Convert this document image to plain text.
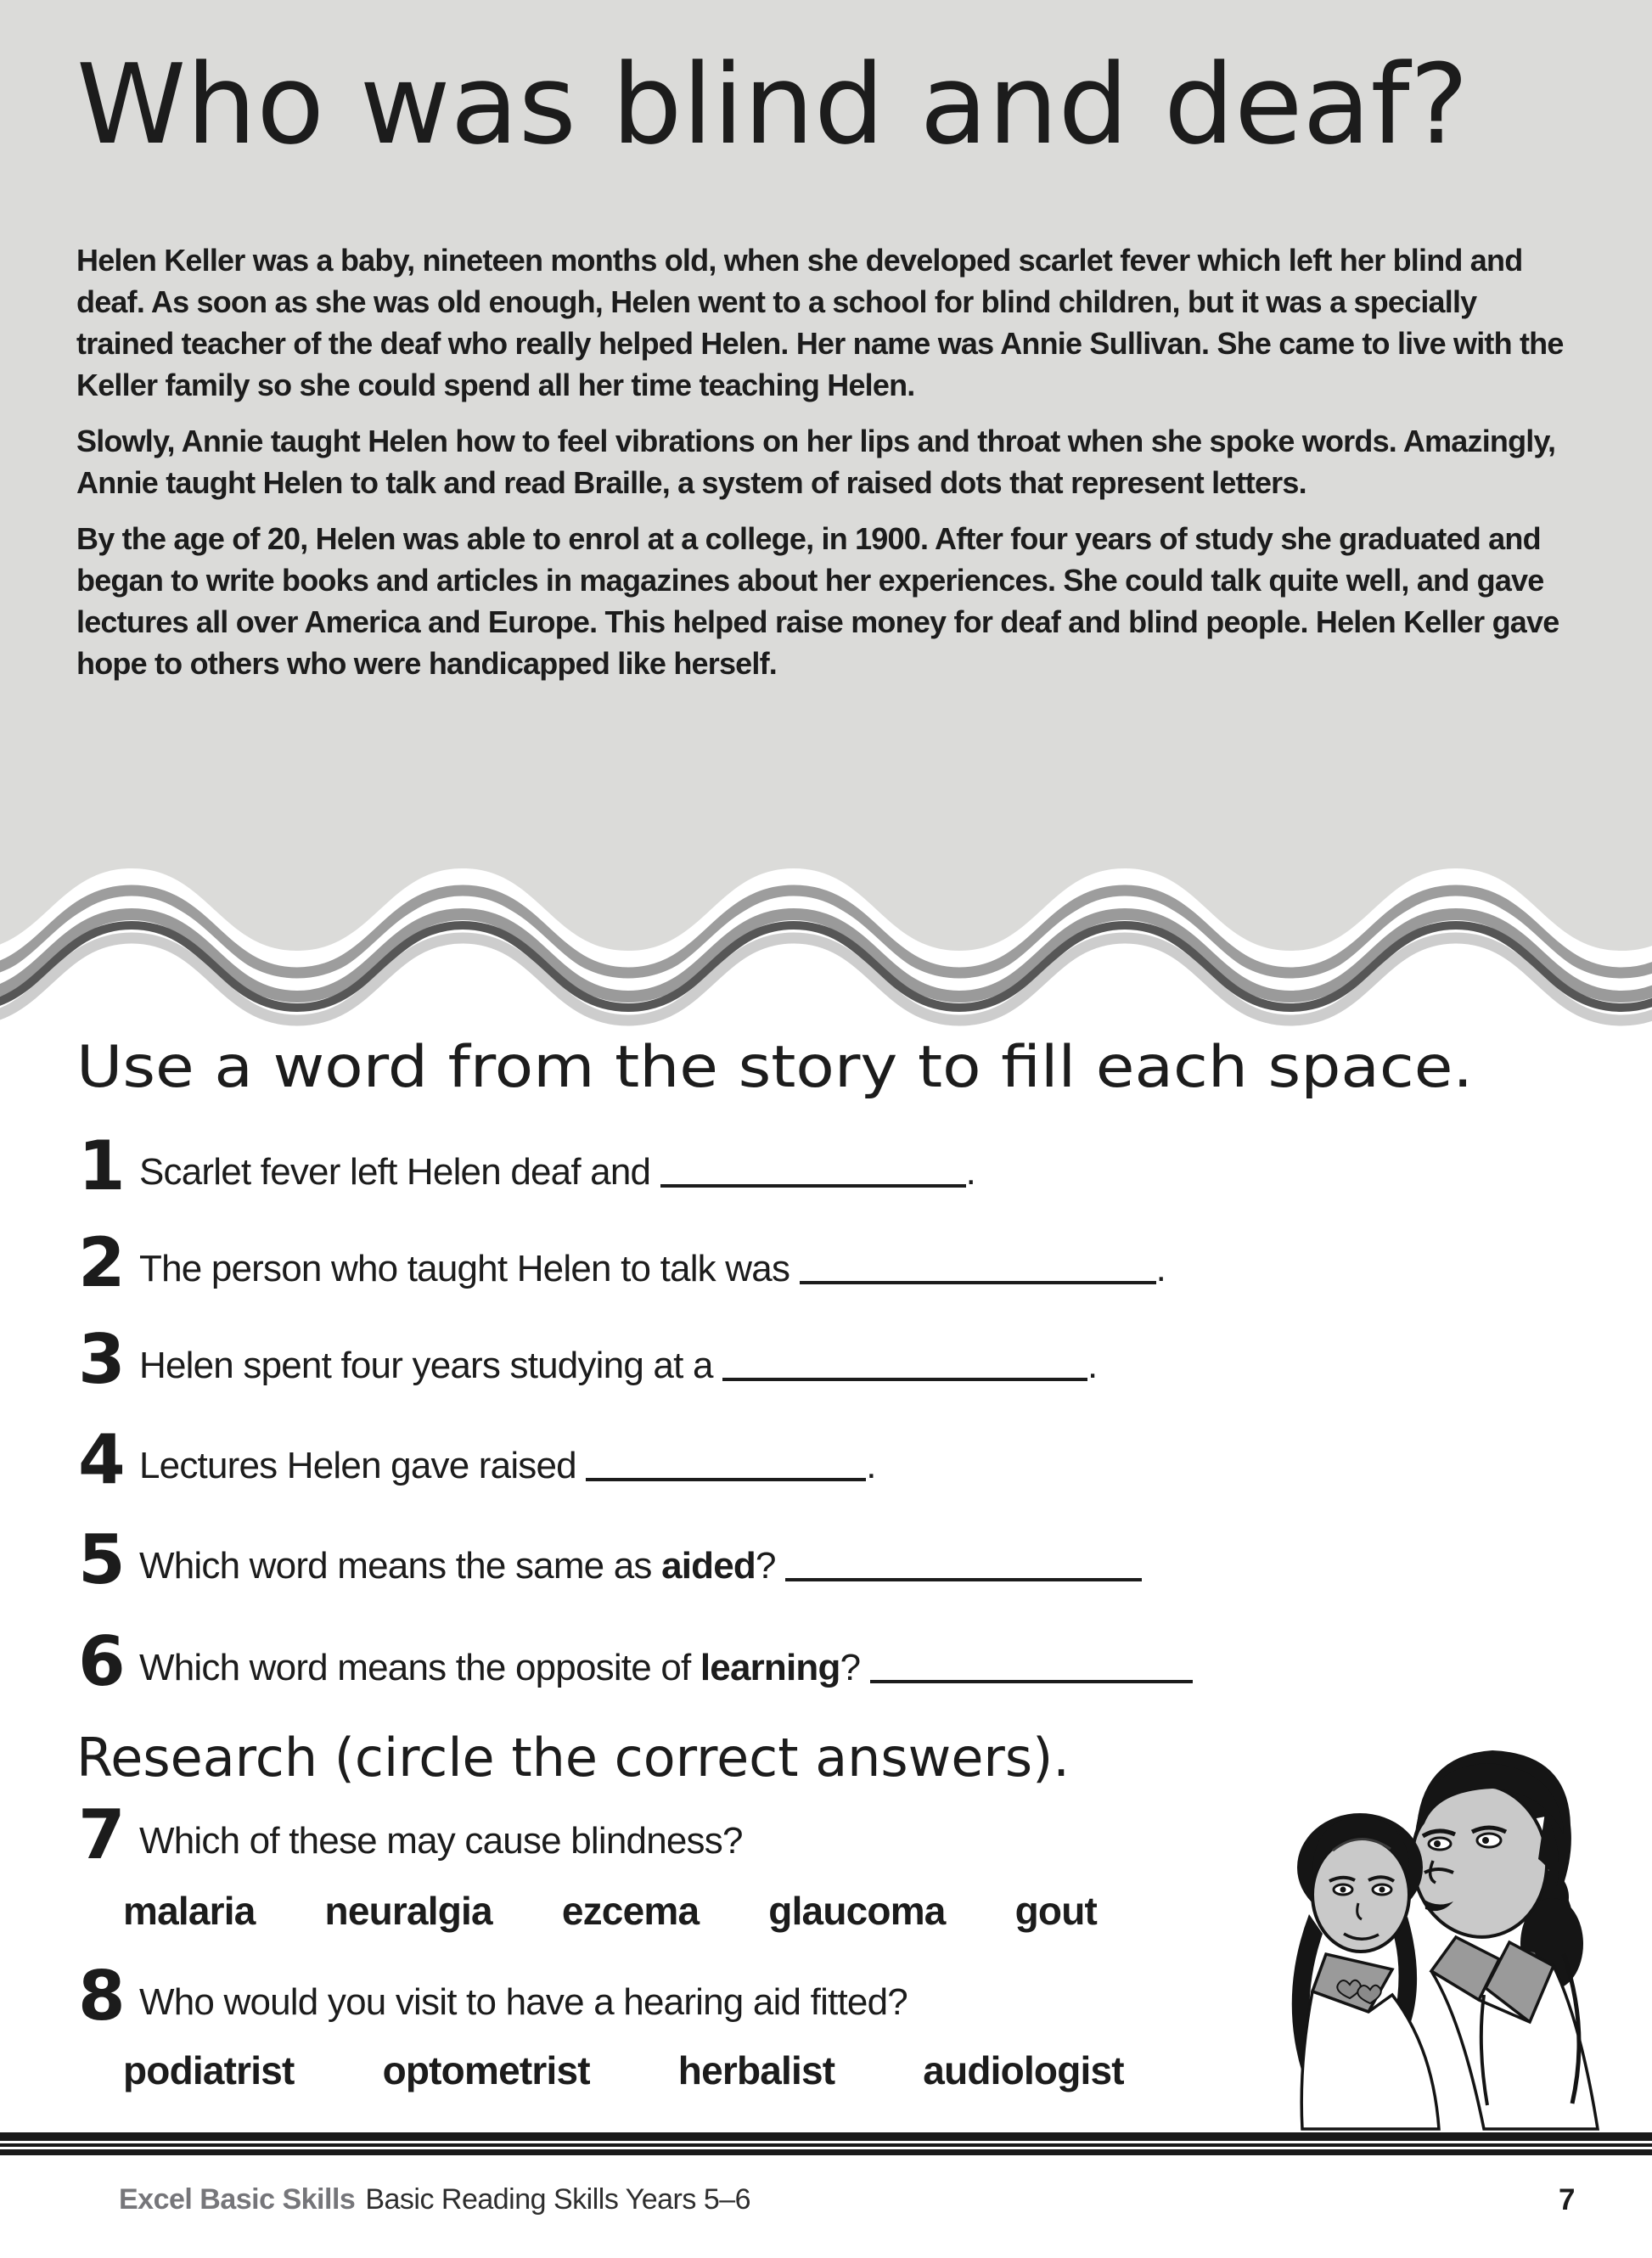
Who was blind and deaf?

Helen Keller was a baby, nineteen months old, when she developed scarlet fever which left her blind and deaf. As soon as she was old enough, Helen went to a school for blind children, but it was a specially trained teacher of the deaf who really helped Helen. Her name was Annie Sullivan. She came to live with the Keller family so she could spend all her time teaching Helen.

Slowly, Annie taught Helen how to feel vibrations on her lips and throat when she spoke words. Amazingly, Annie taught Helen to talk and read Braille, a system of raised dots that represent letters.

By the age of 20, Helen was able to enrol at a college, in 1900. After four years of study she graduated and began to write books and articles in magazines about her experiences. She could talk quite well, and gave lectures all over America and Europe. This helped raise money for deaf and blind people. Helen Keller gave hope to others who were handicapped like herself.

Use a word from the story to fill each space.
1 Scarlet fever left Helen deaf and	.
2 The person who taught Helen to talk was	.
3 Helen spent four years studying at a	.
4 Lectures Helen gave raised	.
5 Which word means the same as aided?
6 Which word means the opposite of learning?
Research (circle the correct answers).
7 Which of these may cause blindness?
malaria neuralgia ezcema glaucoma gout
8 Who would you visit to have a hearing aid fitted?
podiatrist optometrist herbalist audiologist
Excel Basic Skills Basic Reading Skills Years 5–6	7
